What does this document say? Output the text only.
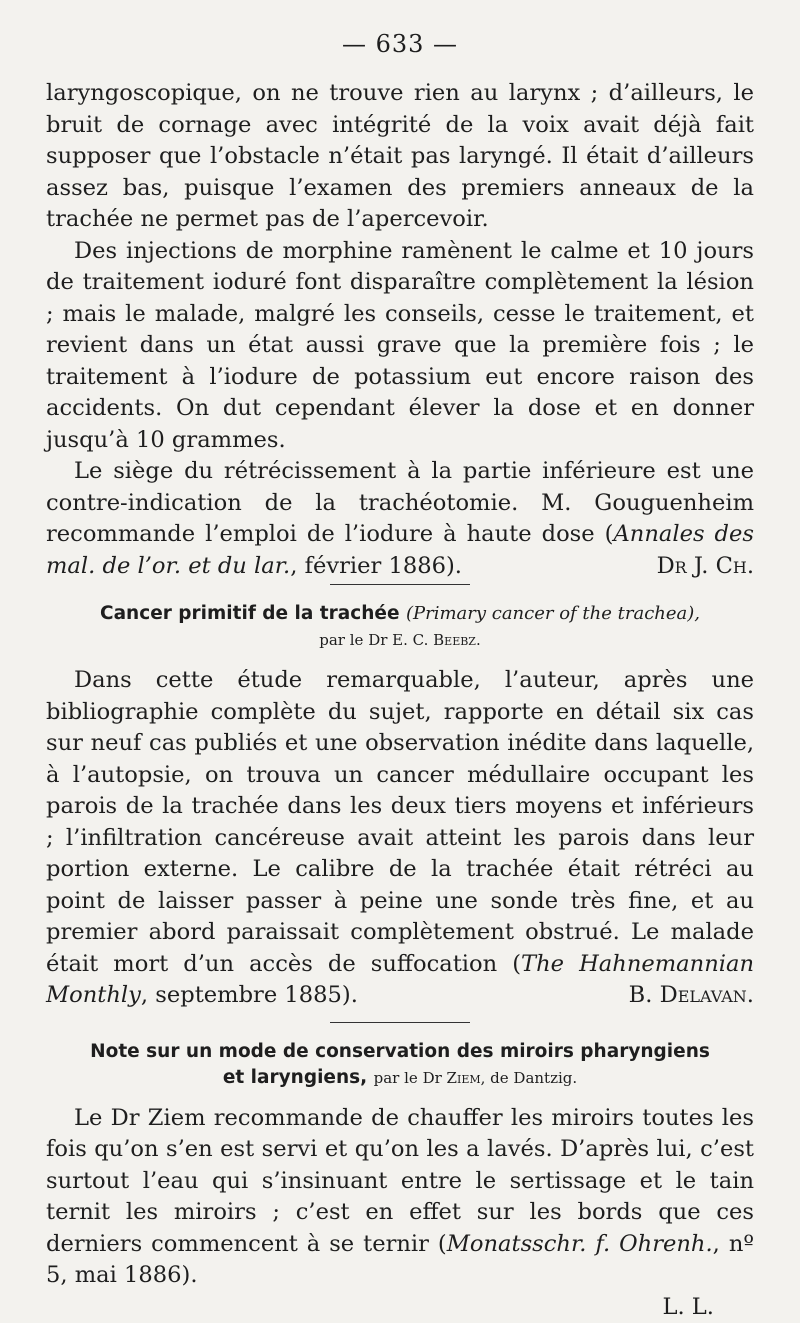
— 633 —

laryngoscopique, on ne trouve rien au larynx ; d’ailleurs, le bruit de cornage avec intégrité de la voix avait déjà fait supposer que l’obstacle n’était pas laryngé. Il était d’ailleurs assez bas, puisque l’examen des premiers anneaux de la trachée ne permet pas de l’apercevoir.

Des injections de morphine ramènent le calme et 10 jours de traitement ioduré font disparaître complètement la lésion ; mais le malade, malgré les conseils, cesse le traitement, et revient dans un état aussi grave que la première fois ; le traitement à l’iodure de potassium eut encore raison des accidents. On dut cependant élever la dose et en donner jusqu’à 10 grammes.

Le siège du rétrécissement à la partie inférieure est une contre-indication de la trachéotomie. M. Gouguenheim recommande l’emploi de l’iodure à haute dose (Annales des mal. de l’or. et du lar., février 1886).	Dr J. Ch.

Cancer primitif de la trachée (Primary cancer of the trachea),

par le Dr E. C. Beebz.

Dans cette étude remarquable, l’auteur, après une bibliographie complète du sujet, rapporte en détail six cas sur neuf cas publiés et une observation inédite dans laquelle, à l’autopsie, on trouva un cancer médullaire occupant les parois de la trachée dans les deux tiers moyens et inférieurs ; l’infiltration cancéreuse avait atteint les parois dans leur portion externe. Le calibre de la trachée était rétréci au point de laisser passer à peine une sonde très fine, et au premier abord paraissait complètement obstrué. Le malade était mort d’un accès de suffocation (The Hahnemannian Monthly, septembre 1885).	B. Delavan.

Note sur un mode de conservation des miroirs pharyngiens
et laryngiens, par le Dr Ziem, de Dantzig.

Le Dr Ziem recommande de chauffer les miroirs toutes les fois qu’on s’en est servi et qu’on les a lavés. D’après lui, c’est surtout l’eau qui s’insinuant entre le sertissage et le tain ternit les miroirs ; c’est en effet sur les bords que ces derniers commencent à se ternir (Monatsschr. f. Ohrenh., nº 5, mai 1886).

L. L.
